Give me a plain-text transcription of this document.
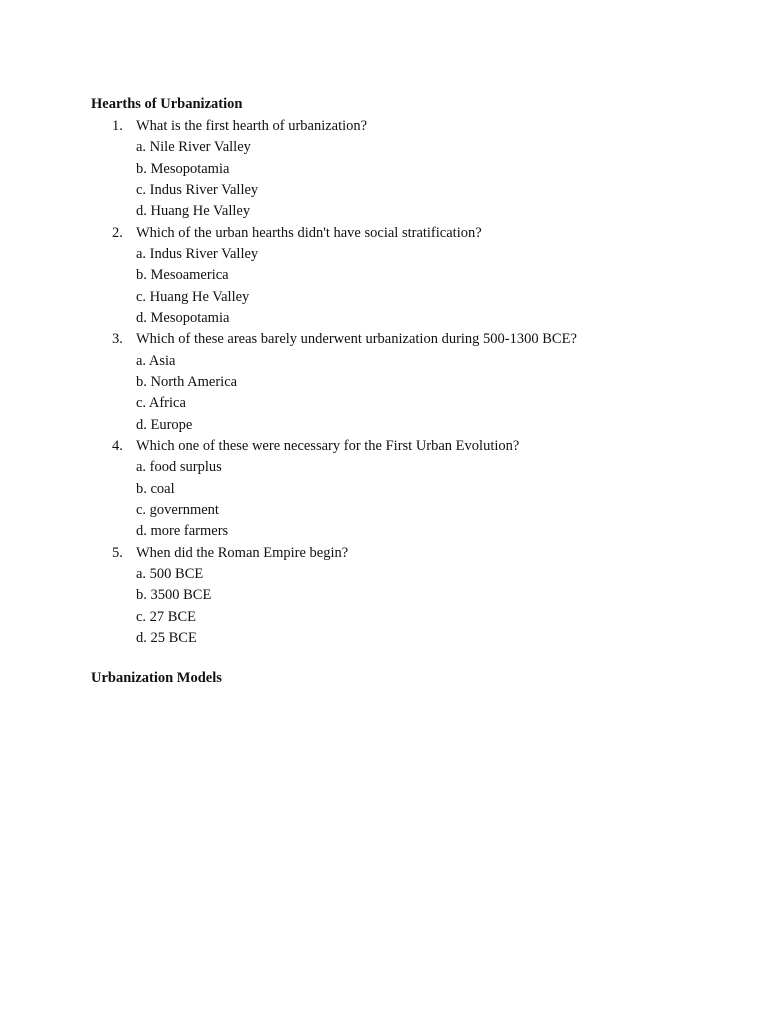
Hearths of Urbanization
1. What is the first hearth of urbanization?
a. Nile River Valley
b. Mesopotamia
c. Indus River Valley
d. Huang He Valley
2. Which of the urban hearths didn't have social stratification?
a. Indus River Valley
b. Mesoamerica
c. Huang He Valley
d. Mesopotamia
3. Which of these areas barely underwent urbanization during 500-1300 BCE?
a. Asia
b. North America
c. Africa
d. Europe
4. Which one of these were necessary for the First Urban Evolution?
a. food surplus
b. coal
c. government
d. more farmers
5. When did the Roman Empire begin?
a. 500 BCE
b. 3500 BCE
c. 27 BCE
d. 25 BCE
Urbanization Models
